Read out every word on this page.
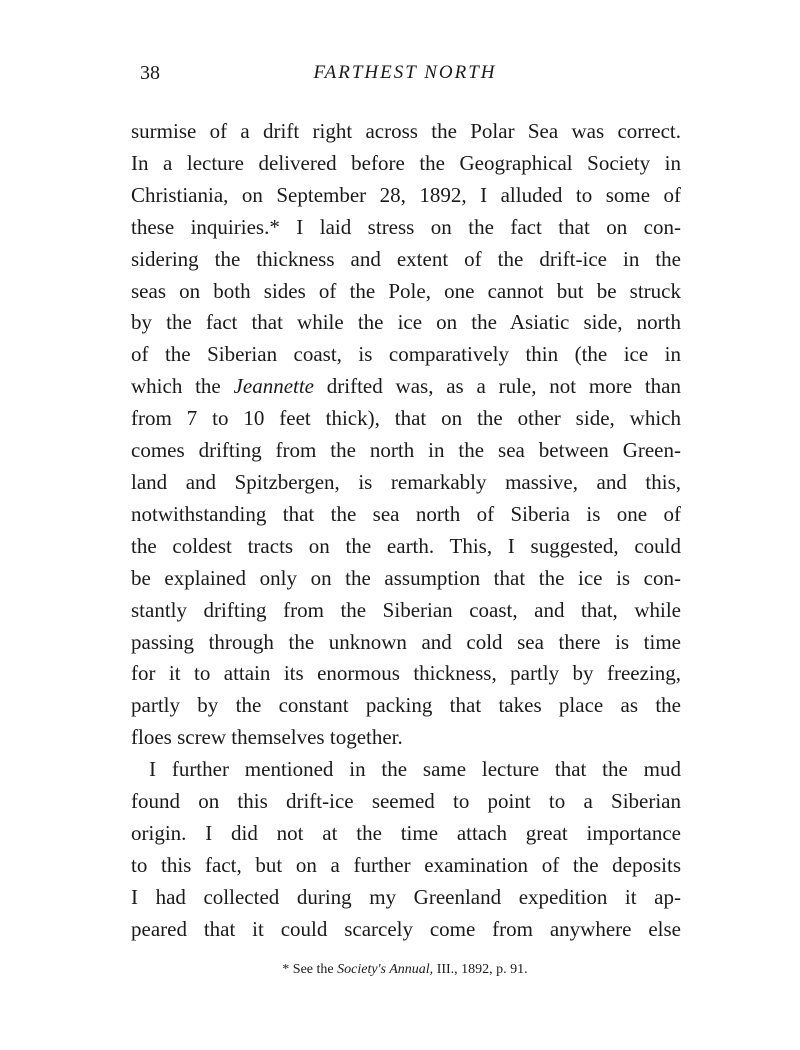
38	FARTHEST NORTH
surmise of a drift right across the Polar Sea was correct.
In a lecture delivered before the Geographical Society in
Christiania, on September 28, 1892, I alluded to some of
these inquiries.* I laid stress on the fact that on con-
sidering the thickness and extent of the drift-ice in the
seas on both sides of the Pole, one cannot but be struck
by the fact that while the ice on the Asiatic side, north
of the Siberian coast, is comparatively thin (the ice in
which the Jeannette drifted was, as a rule, not more than
from 7 to 10 feet thick), that on the other side, which
comes drifting from the north in the sea between Green-
land and Spitzbergen, is remarkably massive, and this,
notwithstanding that the sea north of Siberia is one of
the coldest tracts on the earth. This, I suggested, could
be explained only on the assumption that the ice is con-
stantly drifting from the Siberian coast, and that, while
passing through the unknown and cold sea there is time
for it to attain its enormous thickness, partly by freezing,
partly by the constant packing that takes place as the
floes screw themselves together.
I further mentioned in the same lecture that the mud
found on this drift-ice seemed to point to a Siberian
origin. I did not at the time attach great importance
to this fact, but on a further examination of the deposits
I had collected during my Greenland expedition it ap-
peared that it could scarcely come from anywhere else
* See the Society's Annual, III., 1892, p. 91.
